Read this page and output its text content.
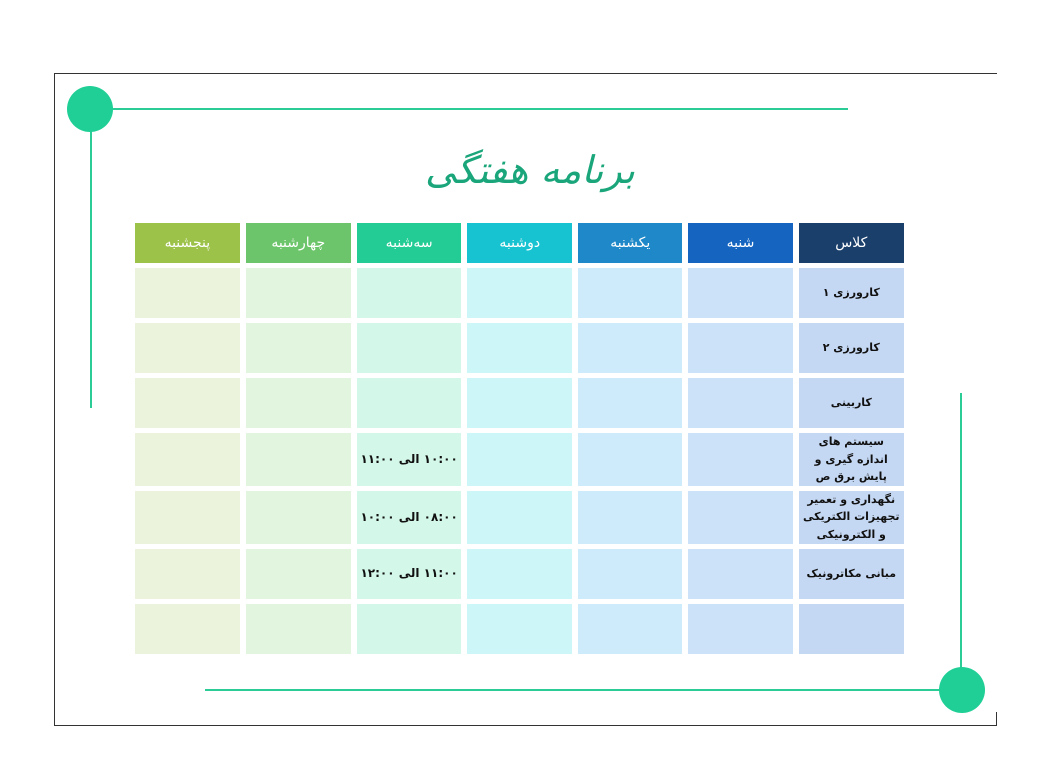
برنامه هفتگی
کلاس	شنبه	یکشنبه	دوشنبه	سه‌شنبه	چهارشنبه	پنجشنبه
کارورزی ۱						
کارورزی ۲						
کاربینی						
سیستم های اندازه گیری و پایش برق ص				۱۰:۰۰ الی ۱۱:۰۰		
نگهداری و تعمیر تجهیزات الکتریکی و الکترونیکی				۰۸:۰۰ الی ۱۰:۰۰		
مبانی مکاترونیک				۱۱:۰۰ الی ۱۲:۰۰		
